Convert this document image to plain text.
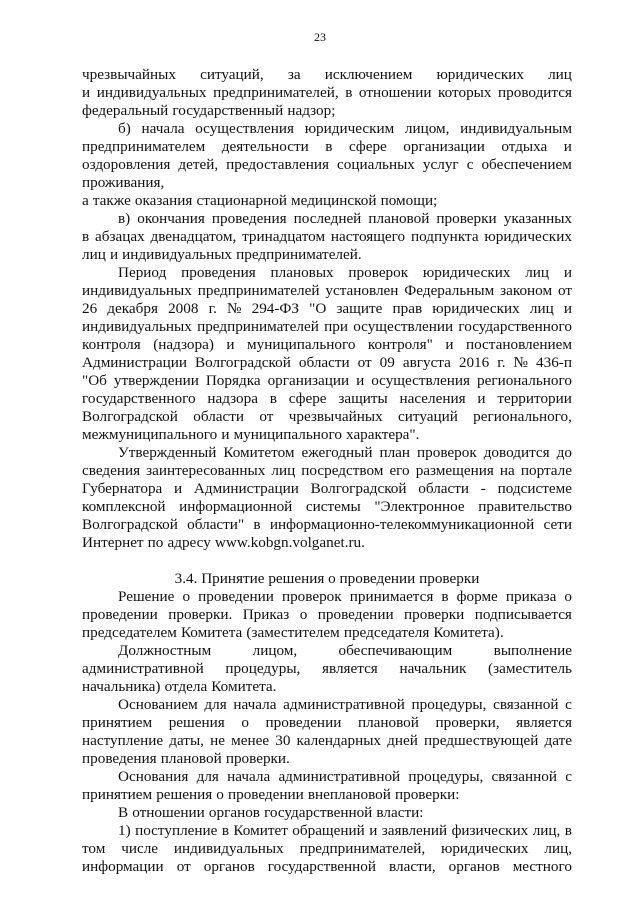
23
чрезвычайных ситуаций, за исключением юридических лиц
и индивидуальных предпринимателей, в отношении которых проводится
федеральный государственный надзор;
б) начала осуществления юридическим лицом, индивидуальным
предпринимателем деятельности в сфере организации отдыха и
оздоровления детей, предоставления социальных услуг с обеспечением
проживания,
а также оказания стационарной медицинской помощи;
в) окончания проведения последней плановой проверки указанных
в абзацах двенадцатом, тринадцатом настоящего подпункта юридических
лиц и индивидуальных предпринимателей.
Период проведения плановых проверок юридических лиц и
индивидуальных предпринимателей установлен Федеральным законом от
26 декабря 2008 г. № 294-ФЗ "О защите прав юридических лиц и
индивидуальных предпринимателей при осуществлении государственного
контроля (надзора) и муниципального контроля" и постановлением
Администрации Волгоградской области от 09 августа 2016 г. № 436-п
"Об утверждении Порядка организации и осуществления регионального
государственного надзора в сфере защиты населения и территории
Волгоградской области от чрезвычайных ситуаций регионального,
межмуниципального и муниципального характера".
Утвержденный Комитетом ежегодный план проверок доводится до
сведения заинтересованных лиц посредством его размещения на портале
Губернатора и Администрации Волгоградской области - подсистеме
комплексной информационной системы "Электронное правительство
Волгоградской области" в информационно-телекоммуникационной сети
Интернет по адресу www.kobgn.volganet.ru.
3.4. Принятие решения о проведении проверки
Решение о проведении проверок принимается в форме приказа о
проведении проверки. Приказ о проведении проверки подписывается
председателем Комитета (заместителем председателя Комитета).
Должностным	лицом,	обеспечивающим	выполнение
административной процедуры, является начальник (заместитель
начальника) отдела Комитета.
Основанием для начала административной процедуры, связанной с
принятием решения о проведении плановой проверки, является
наступление даты, не менее 30 календарных дней предшествующей дате
проведения плановой проверки.
Основания для начала административной процедуры, связанной с
принятием решения о проведении внеплановой проверки:
В отношении органов государственной власти:
1) поступление в Комитет обращений и заявлений физических лиц, в
том числе индивидуальных предпринимателей, юридических лиц,
информации от органов государственной власти, органов местного
